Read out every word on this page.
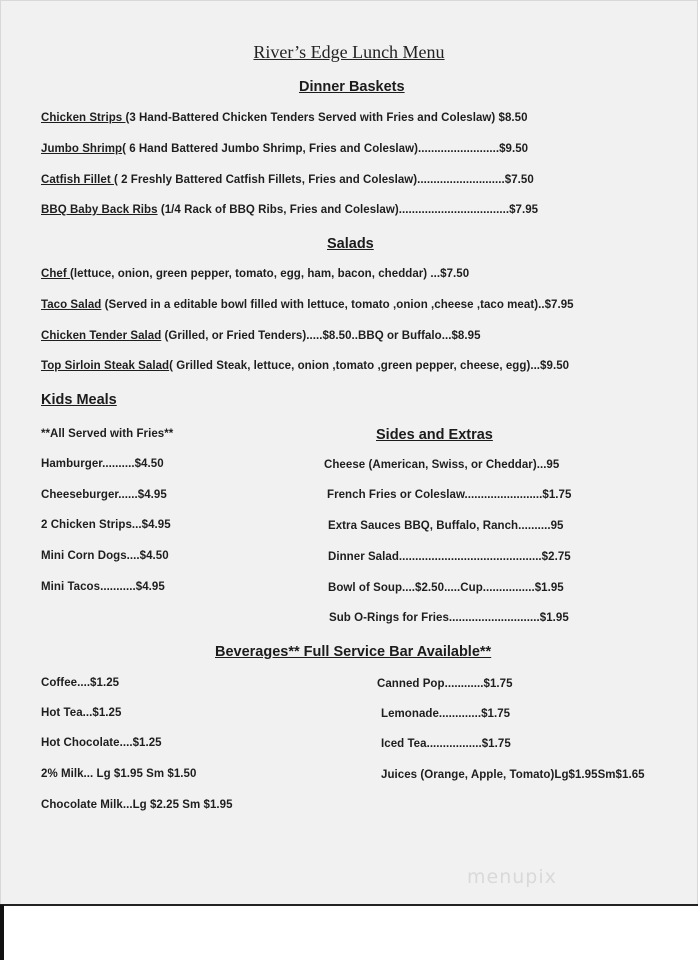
River’s Edge Lunch Menu
Dinner Baskets
Chicken Strips (3 Hand-Battered Chicken Tenders Served with Fries and Coleslaw) $8.50
Jumbo Shrimp( 6 Hand Battered Jumbo Shrimp, Fries and Coleslaw).........................$9.50
Catfish Fillet ( 2 Freshly Battered Catfish Fillets, Fries and Coleslaw)...........................$7.50
BBQ Baby Back Ribs (1/4 Rack of BBQ Ribs, Fries and Coleslaw)..................................$7.95
Salads
Chef (lettuce, onion, green pepper, tomato, egg, ham, bacon, cheddar) ...$7.50
Taco Salad (Served in a editable bowl filled with lettuce, tomato ,onion ,cheese ,taco meat)..$7.95
Chicken Tender Salad (Grilled, or Fried Tenders).....$8.50..BBQ or Buffalo...$8.95
Top Sirloin Steak Salad( Grilled Steak, lettuce, onion ,tomato ,green pepper, cheese, egg)...$9.50
Kids Meals
**All Served with Fries**
Hamburger..........$4.50
Cheeseburger......$4.95
2 Chicken Strips...$4.95
Mini Corn Dogs....$4.50
Mini Tacos...........$4.95
Sides and Extras
Cheese (American, Swiss, or Cheddar)...95
French Fries or Coleslaw........................$1.75
Extra Sauces BBQ, Buffalo, Ranch..........95
Dinner Salad............................................$2.75
Bowl of Soup....$2.50.....Cup................$1.95
Sub O-Rings for Fries............................$1.95
Beverages** Full Service Bar Available**
Coffee....$1.25
Hot Tea...$1.25
Hot Chocolate....$1.25
2% Milk... Lg $1.95 Sm $1.50
Chocolate Milk...Lg $2.25 Sm $1.95
Canned Pop............$1.75
Lemonade.............$1.75
Iced Tea.................$1.75
Juices (Orange, Apple, Tomato)Lg$1.95Sm$1.65
menupix
